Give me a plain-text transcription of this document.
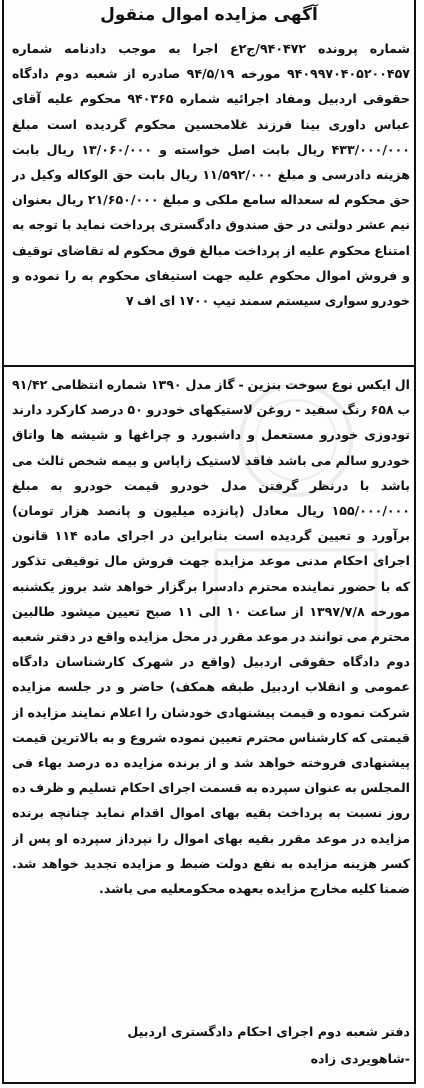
آگهی مزایده اموال منقول
شماره پرونده ۹۴۰۴۷۲/ج۲ع اجرا به موجب دادنامه شماره ۹۴۰۹۹۷۰۴۰۵۲۰۰۴۵۷ مورخه ۹۴/۵/۱۹ صادره از شعبه دوم دادگاه حقوقی اردبیل ومفاد اجرائیه شماره ۹۴۰۳۶۵ محکوم علیه آقای عباس داوری بینا فرزند غلامحسین محکوم گردیده است مبلغ ۴۳۳/۰۰۰/۰۰۰ ریال بابت اصل خواسته و ۱۳/۰۶۰/۰۰۰ ریال بابت هزینه دادرسی و مبلغ ۱۱/۵۹۲/۰۰۰ ریال بابت حق الوکاله وکیل در حق محکوم له سعداله سامع ملکی و مبلغ ۲۱/۶۵۰/۰۰۰ ریال بعنوان نیم عشر دولتی در حق صندوق دادگستری پرداخت نماید با توجه به امتناع محکوم علیه از پرداخت مبالغ فوق محکوم له تقاضای توقیف و فروش اموال محکوم علیه جهت استیفای محکوم به را نموده و خودرو سواری سیستم سمند تیپ ۱۷۰۰ ای اف ۷
ال ایکس نوع سوخت بنزین - گاز مدل ۱۳۹۰ شماره انتظامی ۹۱/۴۲ ب ۶۵۸ رنگ سفید - روغن لاستیکهای خودرو ۵۰ درصد کارکرد دارند تودوزی خودرو مستعمل و داشبورد و چراغها و شیشه ها واتاق خودرو سالم می باشد فاقد لاستیک زاپاس و بیمه شخص ثالث می باشد با درنظر گرفتن مدل خودرو قیمت خودرو به مبلغ ۱۵۵/۰۰۰/۰۰۰ ریال معادل (پانزده میلیون و پانصد هزار تومان) برآورد و تعیین گردیده است بنابراین در اجرای ماده ۱۱۴ قانون اجرای احکام مدنی موعد مزایده جهت فروش مال توقیفی تذکور که با حضور نماینده محترم دادسرا برگزار خواهد شد بروز یکشنبه مورخه ۱۳۹۷/۷/۸ از ساعت ۱۰ الی ۱۱ صبح تعیین میشود طالبین محترم می توانند در موعد مقرر در محل مزایده واقع در دفتر شعبه دوم دادگاه حقوقی اردبیل (واقع در شهرک کارشناسان دادگاه عمومی و انقلاب اردبیل طبقه همکف) حاضر و در جلسه مزایده شرکت نموده و قیمت پیشنهادی خودشان را اعلام نمایند مزایده از قیمتی که کارشناس محترم تعیین نموده شروع و به بالاترین قیمت پیشنهادی فروخته خواهد شد و از برنده مزایده ده درصد بهاء فی المجلس به عنوان سپرده به قسمت اجرای احکام تسلیم و ظرف ده روز نسبت به پرداخت بقیه بهای اموال اقدام نماید چنانچه برنده مزایده در موعد مقرر بقیه بهای اموال را نپرداز سپرده او پس از کسر هزینه مزایده به نفع دولت ضبط و مزایده تجدید خواهد شد. ضمنا کلیه مخارج مزایده بعهده محکومعلیه می باشد.
دفتر شعبه دوم اجرای احکام دادگستری اردبیل
-شاهویردی زاده
